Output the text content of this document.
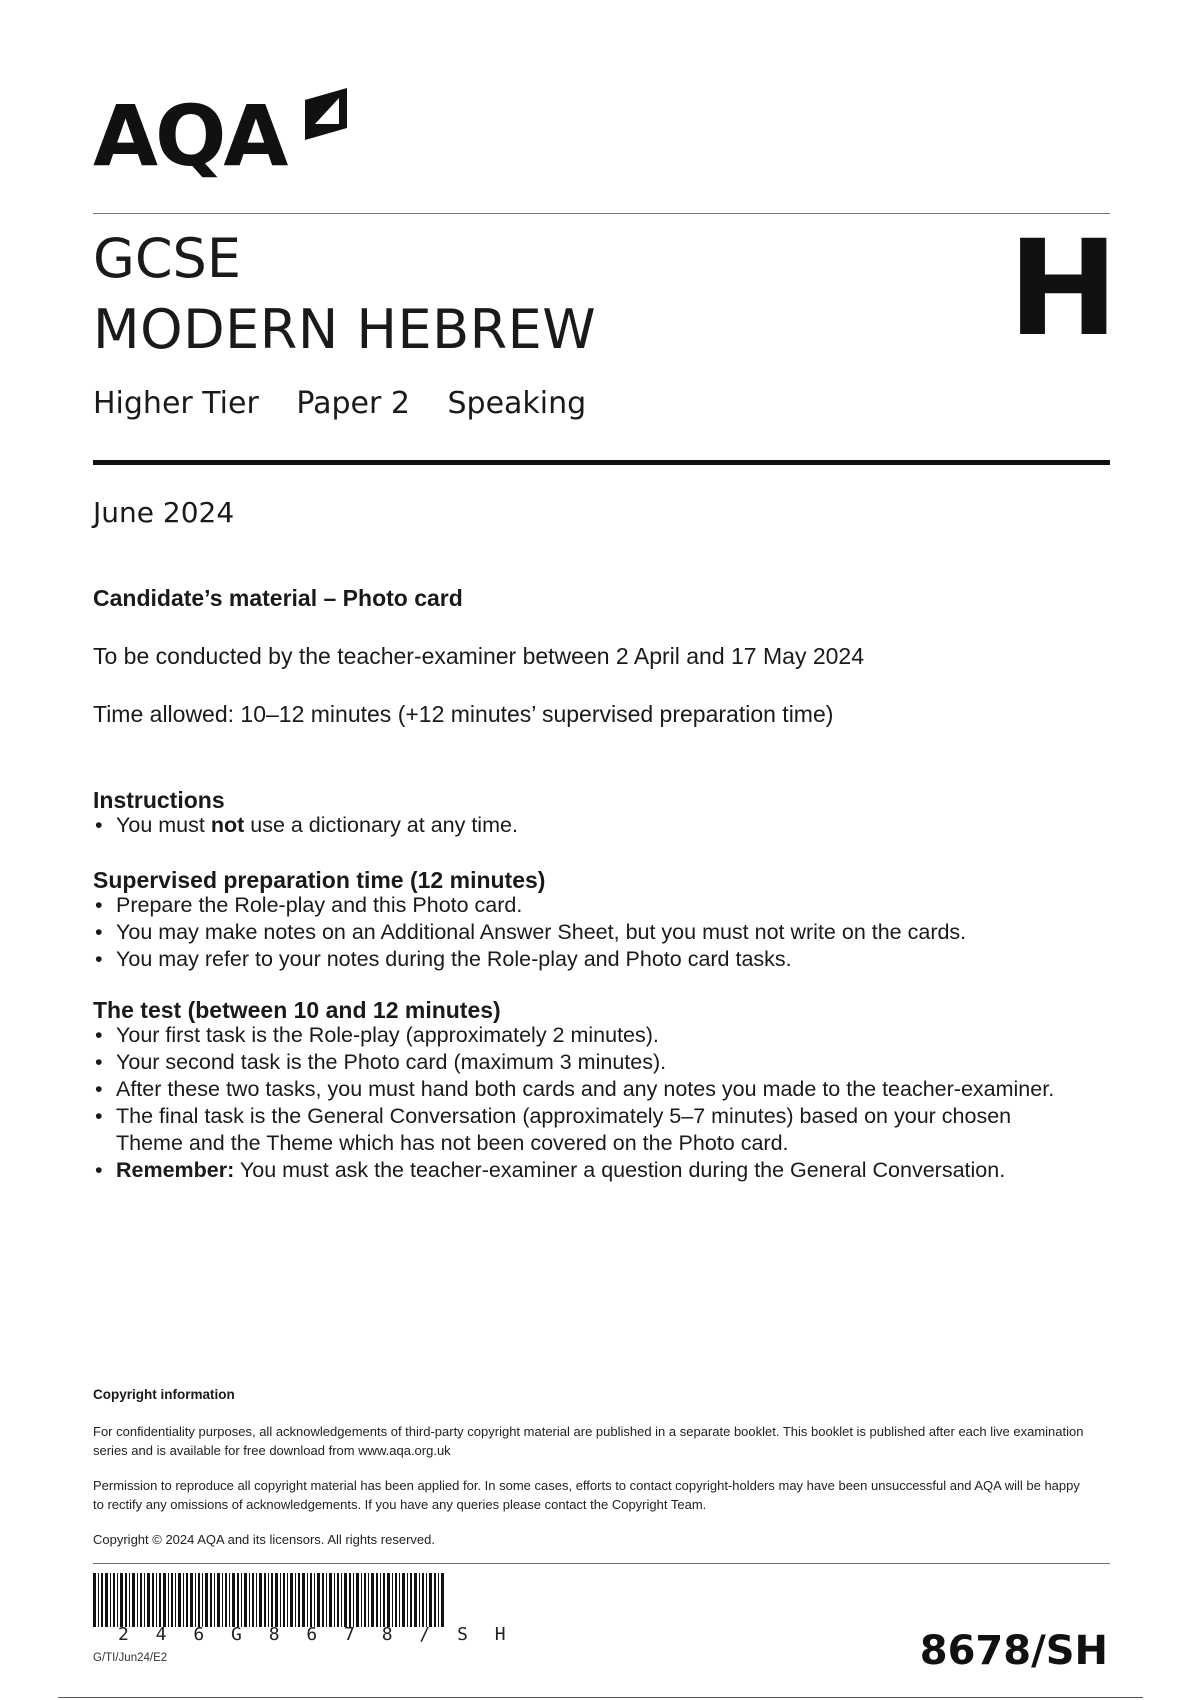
AQA
GCSE
MODERN HEBREW	H
Higher Tier Paper 2 Speaking
June 2024
Candidate’s material – Photo card
To be conducted by the teacher-examiner between 2 April and 17 May 2024
Time allowed: 10–12 minutes (+12 minutes’ supervised preparation time)
Instructions
• You must not use a dictionary at any time.
Supervised preparation time (12 minutes)
• Prepare the Role-play and this Photo card.
• You may make notes on an Additional Answer Sheet, but you must not write on the cards.
• You may refer to your notes during the Role-play and Photo card tasks.
The test (between 10 and 12 minutes)
• Your first task is the Role-play (approximately 2 minutes).
• Your second task is the Photo card (maximum 3 minutes).
• After these two tasks, you must hand both cards and any notes you made to the teacher-examiner.
• The final task is the General Conversation (approximately 5–7 minutes) based on your chosen Theme and the Theme which has not been covered on the Photo card.
• Remember: You must ask the teacher-examiner a question during the General Conversation.
Copyright information
For confidentiality purposes, all acknowledgements of third-party copyright material are published in a separate booklet. This booklet is published after each live examination series and is available for free download from www.aqa.org.uk
Permission to reproduce all copyright material has been applied for. In some cases, efforts to contact copyright-holders may have been unsuccessful and AQA will be happy to rectify any omissions of acknowledgements. If you have any queries please contact the Copyright Team.
Copyright © 2024 AQA and its licensors. All rights reserved.
2 4 6 G 8 6 7 8 / S H
G/TI/Jun24/E2	8678/SH
